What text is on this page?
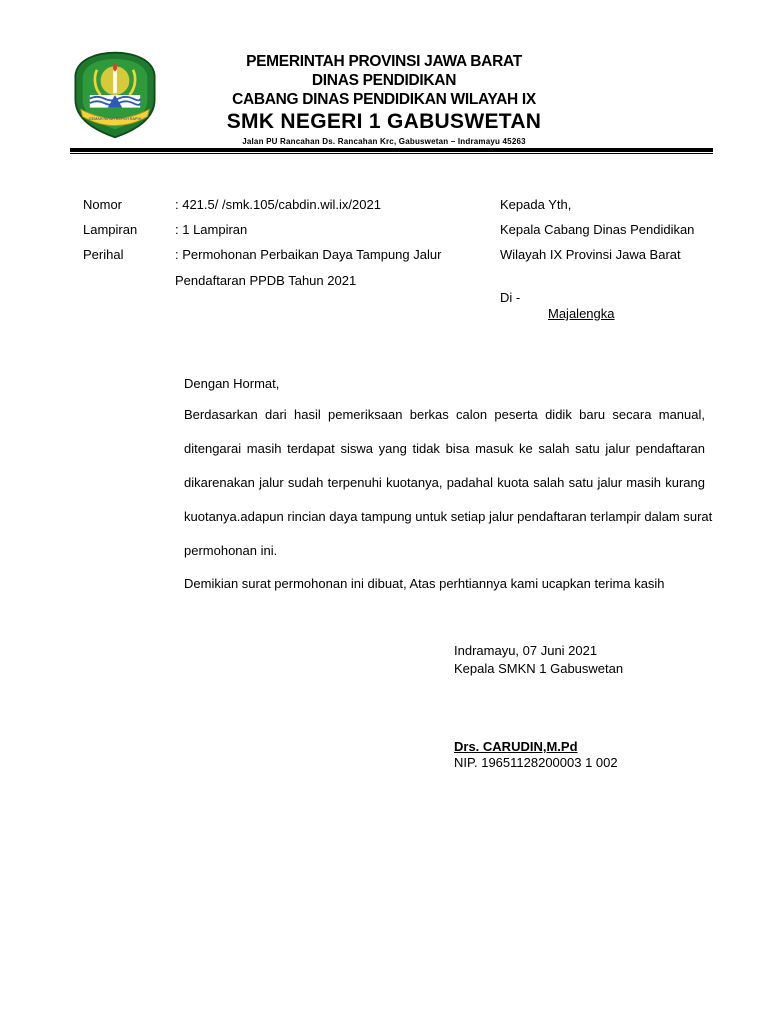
GEMAH RIPAH REPEH RAPIH
PEMERINTAH PROVINSI JAWA BARAT
DINAS PENDIDIKAN
CABANG DINAS PENDIDIKAN WILAYAH IX
SMK NEGERI 1 GABUSWETAN
Jalan PU Rancahan Ds. Rancahan Krc, Gabuswetan – Indramayu 45263
Nomor	: 421.5/ /smk.105/cabdin.wil.ix/2021
Lampiran	: 1 Lampiran
Perihal	: Permohonan Perbaikan Daya Tampung Jalur
Pendaftaran PPDB Tahun 2021
Kepada Yth,
Kepala Cabang Dinas Pendidikan
Wilayah IX Provinsi Jawa Barat
Di -
Majalengka
Dengan Hormat,
Berdasarkan dari hasil pemeriksaan berkas calon peserta didik baru secara manual,
ditengarai masih terdapat siswa yang tidak bisa masuk ke salah satu jalur pendaftaran
dikarenakan jalur sudah terpenuhi kuotanya, padahal kuota salah satu jalur masih kurang
kuotanya.adapun rincian daya tampung untuk setiap jalur pendaftaran terlampir dalam surat
permohonan ini.
Demikian surat permohonan ini dibuat, Atas perhtiannya kami ucapkan terima kasih
Indramayu, 07 Juni 2021
Kepala SMKN 1 Gabuswetan
Drs. CARUDIN,M.Pd
NIP. 19651128200003 1 002
